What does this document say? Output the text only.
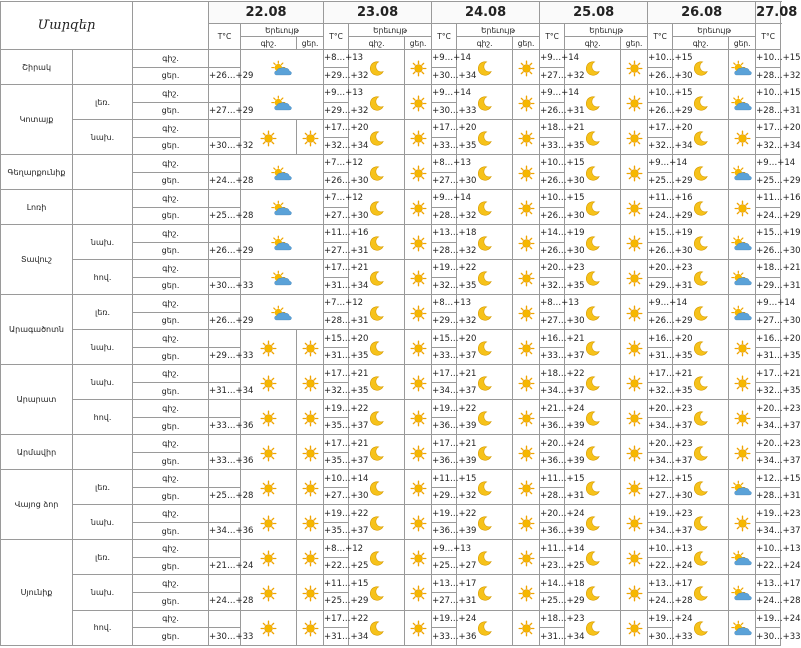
Մարզեր			22.08			23.08			24.08			25.08			26.08			27.08	
			T°C	Երեւույթ		T°C	Երեւույթ		T°C	Երեւույթ		T°C	Երեւույթ		T°C	Երեւույթ		T°C	
				գիշ.	ցեր.		գիշ.	ցեր.		գիշ.	ցեր.		գիշ.	ցեր.		գիշ.	ցեր.		
Շիրակ		գիշ.				+8…+13			+9…+14			+9…+14			+10…+15			+10…+15		
		ցեր.	+26…+29			+29…+32			+30…+34			+27…+32			+26…+30			+28…+32	
Կոտայք	լեռ.	գիշ.				+9…+13			+9…+14			+9…+14			+10…+15			+10…+15		
		ցեր.	+27…+29			+29…+32			+30…+33			+26…+31			+26…+29			+28…+31	
	նախ.	գիշ.				+17…+20			+17…+20			+18…+21			+17…+20			+17…+20		
		ցեր.	+30…+32			+32…+34			+33…+35			+33…+35			+32…+34			+32…+34	
Գեղարքունիք		գիշ.				+7…+12			+8…+13			+10…+15			+9…+14			+9…+14		
		ցեր.	+24…+28			+26…+30			+27…+30			+26…+30			+25…+29			+25…+29	
Լոռի		գիշ.				+7…+12			+9…+14			+10…+15			+11…+16			+11…+16		
		ցեր.	+25…+28			+27…+30			+28…+32			+26…+30			+24…+29			+24…+29	
Տավուշ	նախ.	գիշ.				+11…+16			+13…+18			+14…+19			+15…+19			+15…+19		
		ցեր.	+26…+29			+27…+31			+28…+32			+26…+30			+26…+30			+26…+30	
	հով.	գիշ.				+17…+21			+19…+22			+20…+23			+20…+23			+18…+21		
		ցեր.	+30…+33			+31…+34			+32…+35			+32…+35			+29…+31			+29…+31	
Արագածոտն	լեռ.	գիշ.				+7…+12			+8…+13			+8…+13			+9…+14			+9…+14		
		ցեր.	+26…+29			+28…+31			+29…+32			+27…+30			+26…+29			+27…+30	
	նախ.	գիշ.				+15…+20			+15…+20			+16…+21			+16…+20			+16…+20		
		ցեր.	+29…+33			+31…+35			+33…+37			+33…+37			+31…+35			+31…+35	
Արարատ	նախ.	գիշ.				+17…+21			+17…+21			+18…+22			+17…+21			+17…+21		
		ցեր.	+31…+34			+32…+35			+34…+37			+34…+37			+32…+35			+32…+35	
	հով.	գիշ.				+19…+22			+19…+22			+21…+24			+20…+23			+20…+23		
		ցեր.	+33…+36			+35…+37			+36…+39			+36…+39			+34…+37			+34…+37	
Արմավիր		գիշ.				+17…+21			+17…+21			+20…+24			+20…+23			+20…+23		
		ցեր.	+33…+36			+35…+37			+36…+39			+36…+39			+34…+37			+34…+37	
Վայոց ձոր	լեռ.	գիշ.				+10…+14			+11…+15			+11…+15			+12…+15			+12…+15		
		ցեր.	+25…+28			+27…+30			+29…+32			+28…+31			+27…+30			+28…+31	
	նախ.	գիշ.				+19…+22			+19…+22			+20…+24			+19…+23			+19…+23		
		ցեր.	+34…+36			+35…+37			+36…+39			+36…+39			+34…+37			+34…+37	
Սյունիք	լեռ.	գիշ.				+8…+12			+9…+13			+11…+14			+10…+13			+10…+13		
		ցեր.	+21…+24			+22…+25			+25…+27			+23…+25			+22…+24			+22…+24	
	նախ.	գիշ.				+11…+15			+13…+17			+14…+18			+13…+17			+13…+17		
		ցեր.	+24…+28			+25…+29			+27…+31			+25…+29			+24…+28			+24…+28	
	հով.	գիշ.				+17…+22			+19…+24			+18…+23			+19…+24			+19…+24		
		ցեր.	+30…+33			+31…+34			+33…+36			+31…+34			+30…+33			+30…+33	
